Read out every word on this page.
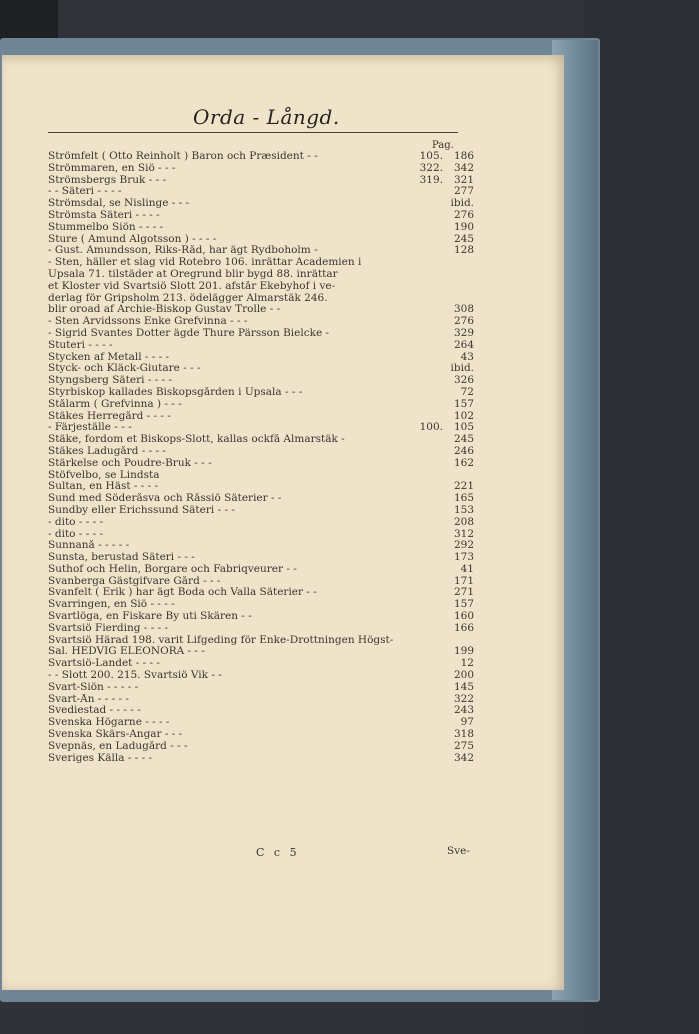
Orda - Långd.
Pag.
Strömfelt ( Otto Reinholt ) Baron och Præsident - -	105.	186
Strömmaren, en Siö - - -	322.	342
Strömsbergs Bruk - - -	319.	321
- - Säteri - - - -	277
Strömsdal, se Nislinge - - -	ibid.
Strömsta Säteri - - - -	276
Stummelbo Siön - - - -	190
Sture ( Amund Algotsson ) - - - -	245
- Gust. Amundsson, Riks-Råd, har ägt Rydboholm -	128
- Sten, häller et slag vid Rotebro 106. inrättar Academien i
Upsala 71. tilstäder at Öregrund blir bygd 88. inrättar
et Kloster vid Svartsiö Slott 201. afstår Ekebyhof i ve-
derlag för Gripsholm 213. ödelägger Almarstäk 246.
blir oroad af Archie-Biskop Gustav Trolle - -	308
- Sten Arvidssons Enke Grefvinna - - -	276
- Sigrid Svantes Dotter ägde Thure Pärsson Bielcke -	329
Stuteri - - - -	264
Stycken af Metall - - - -	43
Styck- och Kläck-Giutare - - -	ibid.
Styngsberg Säteri - - - -	326
Styrbiskop kallades Biskopsgården i Upsala - - -	72
Stålarm ( Grefvinna ) - - -	157
Stäkes Herregård - - - -	102
- Färjeställe - - -	100.	105
Stäke, fordom et Biskops-Slott, kallas ockfå Almarstäk -	245
Stäkes Ladugård - - - -	246
Stärkelse och Poudre-Bruk - - -	162
Stöfvelbo, se Lindsta
Sultan, en Häst - - - -	221
Sund med Söderåsva och Råssiö Säterier - -	165
Sundby eller Erichssund Säteri - - -	153
- dito - - - -	208
- dito - - - -	312
Sunnanå - - - - -	292
Sunsta, berustad Säteri - - -	173
Suthof och Helin, Borgare och Fabriqveurer - -	41
Svanberga Gästgifvare Gård - - -	171
Svanfelt ( Erik ) har ägt Boda och Valla Säterier - -	271
Svarringen, en Siö - - - -	157
Svartlöga, en Fiskare By uti Skären - -	160
Svartsiö Fierding - - - -	166
Svartsiö Härad 198. varit Lifgeding för Enke-Drottningen Högst-
Sal. HEDVIG ELEONORA - - -	199
Svartsiö-Landet - - - -	12
- - Slott 200. 215. Svartsiö Vik - -	200
Svart-Siön - - - - -	145
Svart-Ån - - - - -	322
Svediestad - - - - -	243
Svenska Högarne - - - -	97
Svenska Skärs-Angar - - -	318
Svepnäs, en Ladugård - - -	275
Sveriges Källa - - - -	342
C c 5	Sve-
